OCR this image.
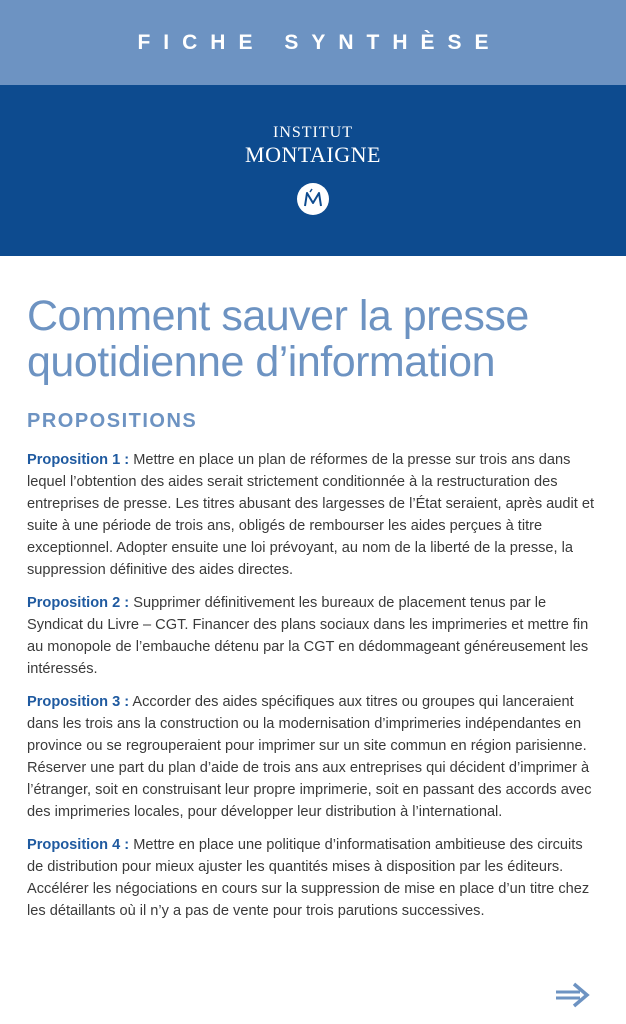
FICHE SYNTHÈSE
INSTITUT
MONTAIGNE
Comment sauver la presse quotidienne d’information
PROPOSITIONS

Proposition 1 : Mettre en place un plan de réformes de la presse sur trois ans dans lequel l’obtention des aides serait strictement conditionnée à la restructuration des entreprises de presse. Les titres abusant des largesses de l’État seraient, après audit et suite à une période de trois ans, obligés de rembourser les aides perçues à titre exceptionnel. Adopter ensuite une loi prévoyant, au nom de la liberté de la presse, la suppression définitive des aides directes.

Proposition 2 : Supprimer définitivement les bureaux de placement tenus par le Syndicat du Livre – CGT. Financer des plans sociaux dans les imprimeries et mettre fin au monopole de l’embauche détenu par la CGT en dédommageant généreusement les intéressés.

Proposition 3 : Accorder des aides spécifiques aux titres ou groupes qui lanceraient dans les trois ans la construction ou la modernisation d’imprimeries indépendantes en province ou se regrouperaient pour imprimer sur un site commun en région parisienne. Réserver une part du plan d’aide de trois ans aux entreprises qui décident d’imprimer à l’étranger, soit en construisant leur propre imprimerie, soit en passant des accords avec des imprimeries locales, pour développer leur distribution à l’international.

Proposition 4 : Mettre en place une politique d’informatisation ambitieuse des circuits de distribution pour mieux ajuster les quantités mises à disposition par les éditeurs. Accélérer les négociations en cours sur la suppression de mise en place d’un titre chez les détaillants où il n’y a pas de vente pour trois parutions successives.
